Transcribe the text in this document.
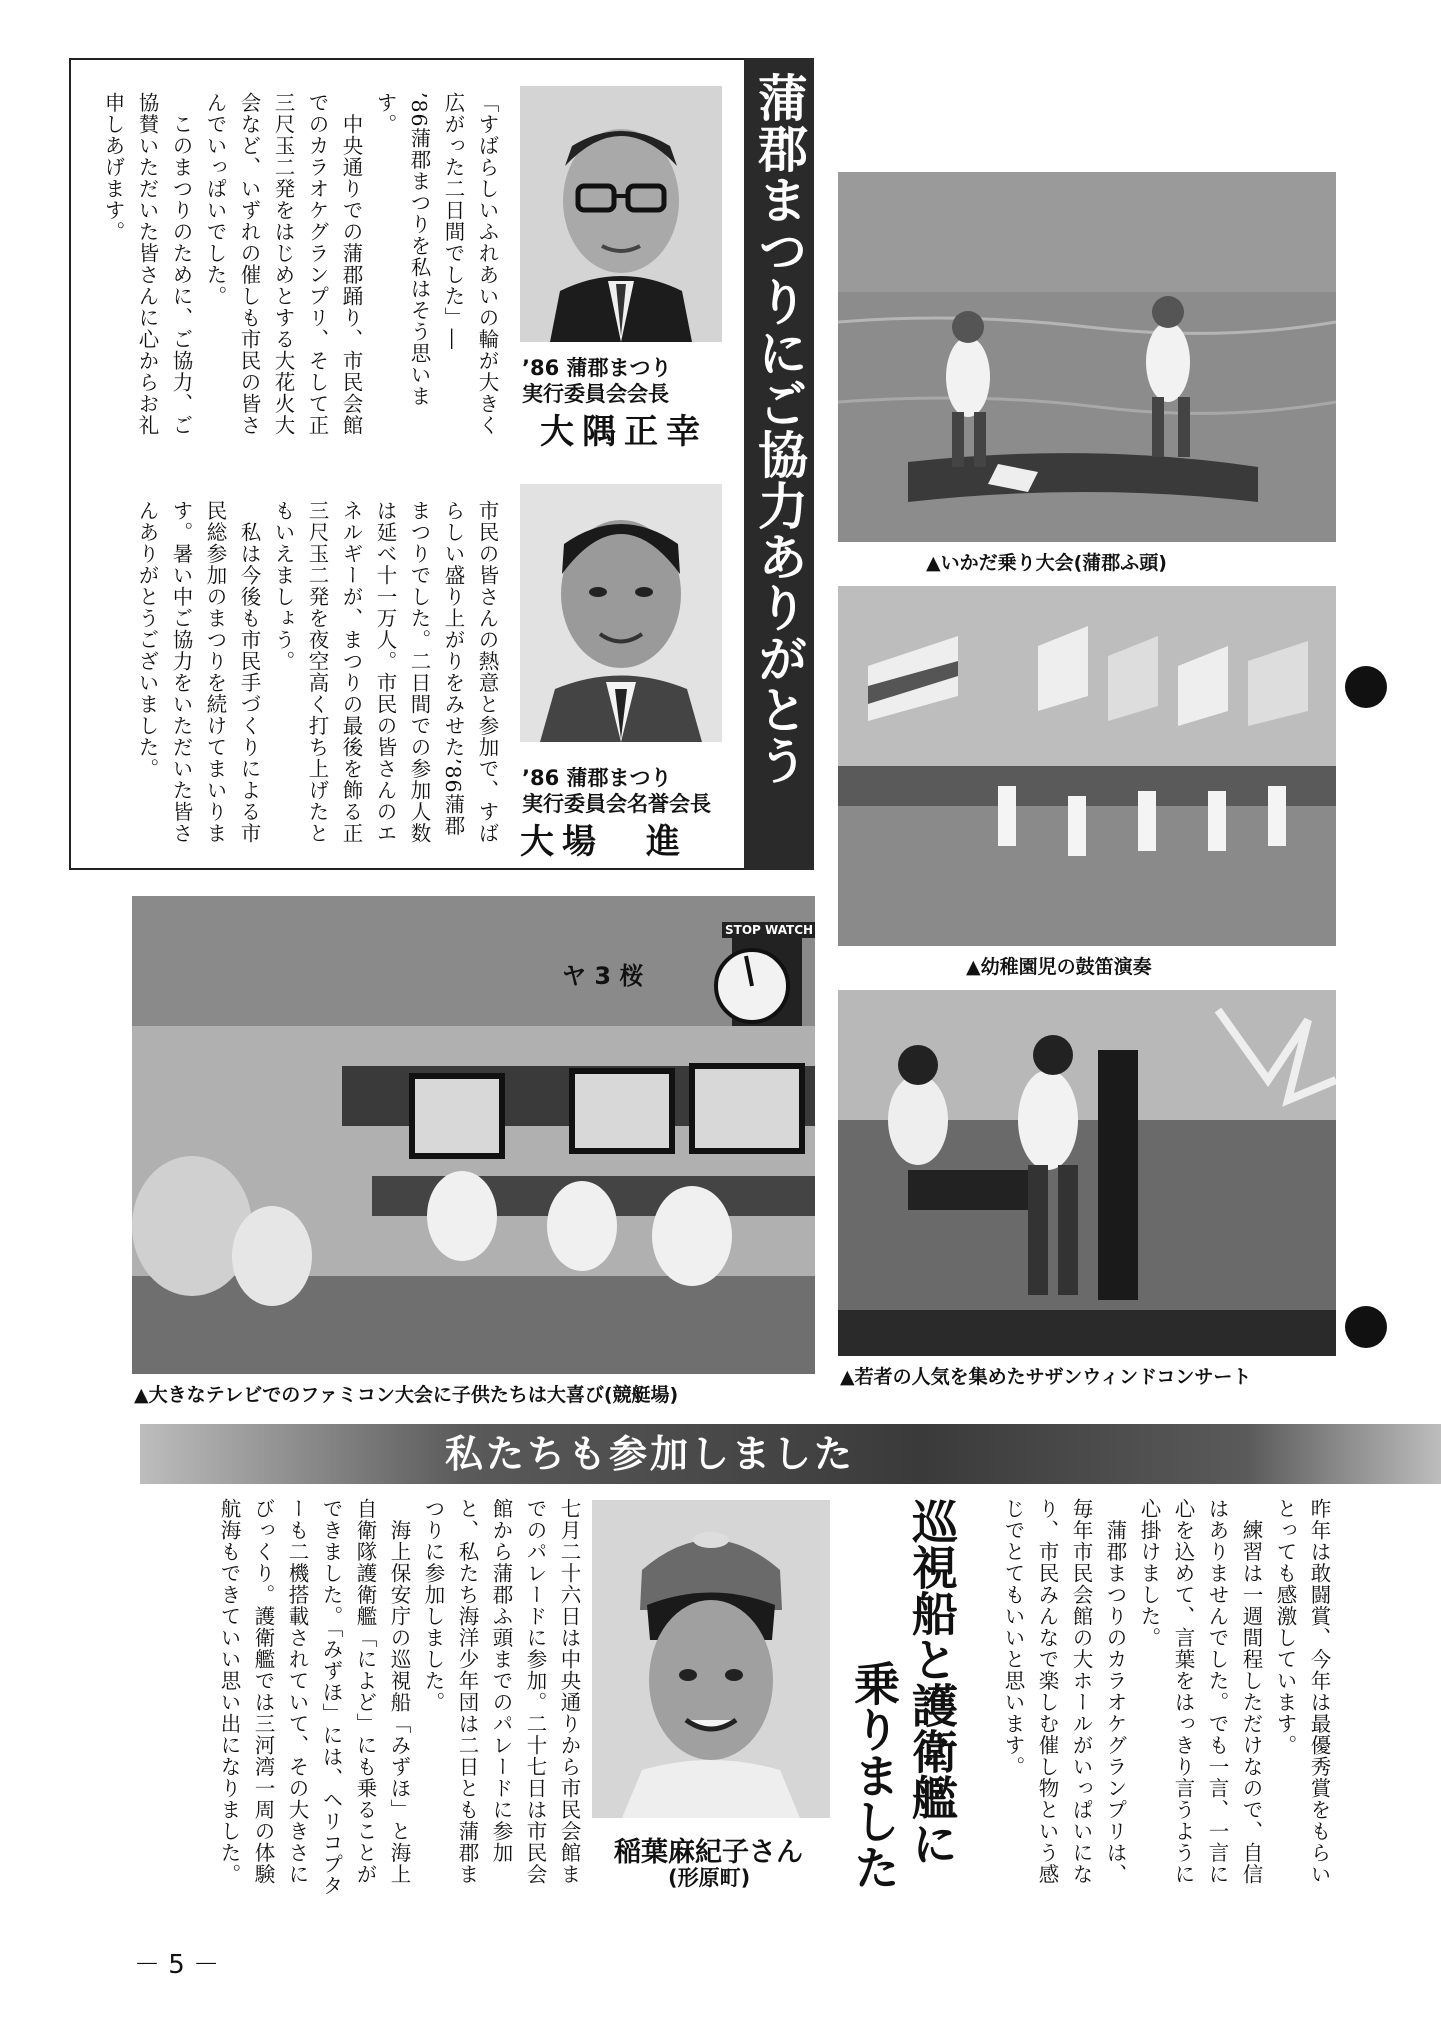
蒲郡まつりにご協力ありがとう
’86 蒲郡まつり
実行委員会会長
大隅正幸
’86 蒲郡まつり
実行委員会名誉会長
大場　進
「すばらしいふれあいの輪が大きく広がった二日間でした」―
’86蒲郡まつりを私はそう思います。
　中央通りでの蒲郡踊り、市民会館でのカラオケグランプリ、そして正三尺玉二発をはじめとする大花火大会など、いずれの催しも市民の皆さんでいっぱいでした。
　このまつりのために、ご協力、ご協賛いただいた皆さんに心からお礼申しあげます。
市民の皆さんの熱意と参加で、すばらしい盛り上がりをみせた’86蒲郡まつりでした。二日間での参加人数は延べ十一万人。市民の皆さんのエネルギーが、まつりの最後を飾る正三尺玉二発を夜空高く打ち上げたともいえましょう。
　私は今後も市民手づくりによる市民総参加のまつりを続けてまいります。暑い中ご協力をいただいた皆さんありがとうございました。	▲いかだ乗り大会(蒲郡ふ頭)
▲幼稚園児の鼓笛演奏
▲若者の人気を集めたサザンウィンドコンサート
STOP WATCH
ヤ 3 桜
▲大きなテレビでのファミコン大会に子供たちは大喜び(競艇場)
私たちも参加しました
昨年は敢闘賞、今年は最優秀賞をもらいとっても感激しています。
　練習は一週間程しただけなので、自信はありませんでした。でも一言、一言に心を込めて、言葉をはっきり言うように心掛けました。
　蒲郡まつりのカラオケグランプリは、毎年市民会館の大ホールがいっぱいになり、市民みんなで楽しむ催し物という感じでとてもいいと思います。
巡視船と護衛艦に
乗りました
稲葉麻紀子さん
(形原町)
七月二十六日は中央通りから市民会館までのパレードに参加。二十七日は市民会館から蒲郡ふ頭までのパレードに参加と、私たち海洋少年団は二日とも蒲郡まつりに参加しました。
　海上保安庁の巡視船「みずほ」と海上自衛隊護衛艦「によど」にも乗ることができました。「みずほ」には、ヘリコプターも二機搭載されていて、その大きさにびっくり。護衛艦では三河湾一周の体験航海もできていい思い出になりました。
－ 5 －
